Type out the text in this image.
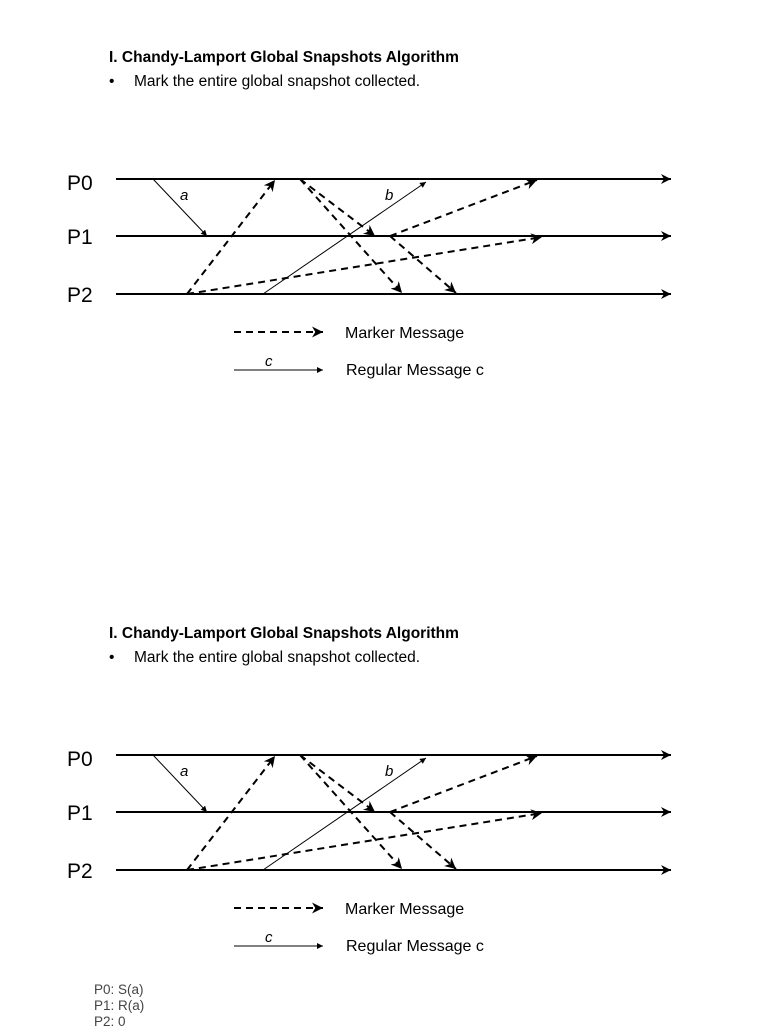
I. Chandy-Lamport Global Snapshots Algorithm
• Mark the entire global snapshot collected.
P0
P1
P2
a	b
Marker Message
c
Regular Message c
I. Chandy-Lamport Global Snapshots Algorithm
• Mark the entire global snapshot collected.
P0
P1
P2
a	b
Marker Message
c
Regular Message c
P0: S(a)
P1: R(a)
P2: 0
